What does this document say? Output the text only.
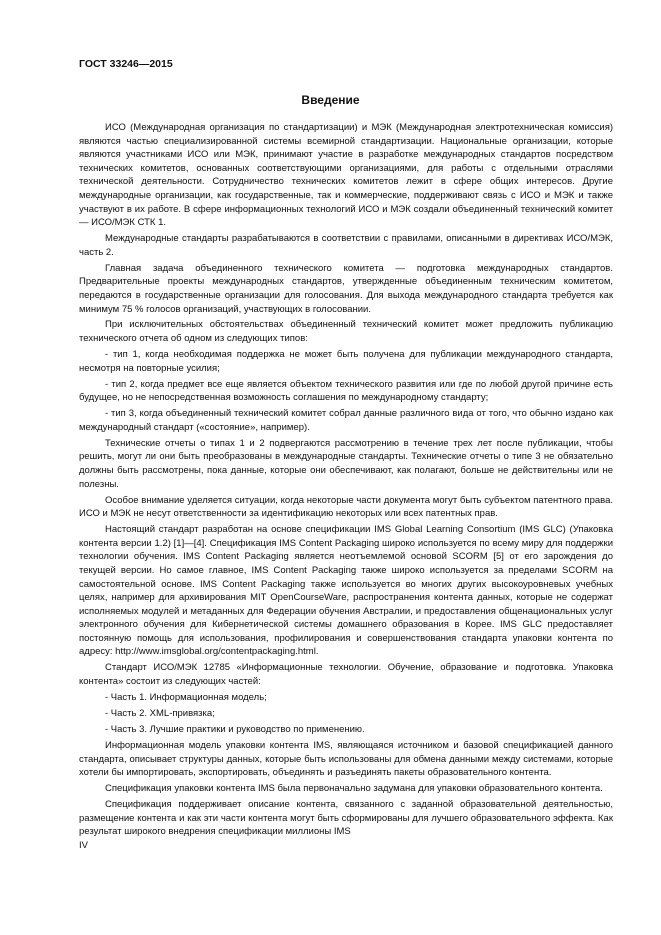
ГОСТ 33246—2015
Введение

ИСО (Международная организация по стандартизации) и МЭК (Международная электротехническая комиссия) являются частью специализированной системы всемирной стандартизации. Национальные организации, которые являются участниками ИСО или МЭК, принимают участие в разработке международных стандартов посредством технических комитетов, основанных соответствующими организациями, для работы с отдельными отраслями технической деятельности. Сотрудничество технических комитетов лежит в сфере общих интересов. Другие международные организации, как государственные, так и коммерческие, поддерживают связь с ИСО и МЭК и также участвуют в их работе. В сфере информационных технологий ИСО и МЭК создали объединенный технический комитет — ИСО/МЭК СТК 1.

Международные стандарты разрабатываются в соответствии с правилами, описанными в директивах ИСО/МЭК, часть 2.

Главная задача объединенного технического комитета — подготовка международных стандартов. Предварительные проекты международных стандартов, утвержденные объединенным техническим комитетом, передаются в государственные организации для голосования. Для выхода международного стандарта требуется как минимум 75 % голосов организаций, участвующих в голосовании.

При исключительных обстоятельствах объединенный технический комитет может предложить публикацию технического отчета об одном из следующих типов:

- тип 1, когда необходимая поддержка не может быть получена для публикации международного стандарта, несмотря на повторные усилия;

- тип 2, когда предмет все еще является объектом технического развития или где по любой другой причине есть будущее, но не непосредственная возможность соглашения по международному стандарту;

- тип 3, когда объединенный технический комитет собрал данные различного вида от того, что обычно издано как международный стандарт («состояние», например).

Технические отчеты о типах 1 и 2 подвергаются рассмотрению в течение трех лет после публикации, чтобы решить, могут ли они быть преобразованы в международные стандарты. Технические отчеты о типе 3 не обязательно должны быть рассмотрены, пока данные, которые они обеспечивают, как полагают, больше не действительны или не полезны.

Особое внимание уделяется ситуации, когда некоторые части документа могут быть субъектом патентного права. ИСО и МЭК не несут ответственности за идентификацию некоторых или всех патентных прав.

Настоящий стандарт разработан на основе спецификации IMS Global Learning Consortium (IMS GLC) (Упаковка контента версии 1.2) [1]—[4]. Спецификация IMS Content Packaging широко используется по всему миру для поддержки технологии обучения. IMS Content Packaging является неотъемлемой основой SCORM [5] от его зарождения до текущей версии. Но самое главное, IMS Content Packaging также широко используется за пределами SCORM на самостоятельной основе. IMS Content Packaging также используется во многих других высокоуровневых учебных целях, например для архивирования MIT OpenCourseWare, распространения контента данных, которые не содержат исполняемых модулей и метаданных для Федерации обучения Австралии, и предоставления общенациональных услуг электронного обучения для Кибернетической системы домашнего образования в Корее. IMS GLC предоставляет постоянную помощь для использования, профилирования и совершенствования стандарта упаковки контента по адресу: http://www.imsglobal.org/contentpackaging.html.

Стандарт ИСО/МЭК 12785 «Информационные технологии. Обучение, образование и подготовка. Упаковка контента» состоит из следующих частей:

- Часть 1. Информационная модель;

- Часть 2. XML-привязка;

- Часть 3. Лучшие практики и руководство по применению.

Информационная модель упаковки контента IMS, являющаяся источником и базовой спецификацией данного стандарта, описывает структуры данных, которые быть использованы для обмена данными между системами, которые хотели бы импортировать, экспортировать, объединять и разъединять пакеты образовательного контента.

Спецификация упаковки контента IMS была первоначально задумана для упаковки образовательного контента.

Спецификация поддерживает описание контента, связанного с заданной образовательной деятельностью, размещение контента и как эти части контента могут быть сформированы для лучшего образовательного эффекта. Как результат широкого внедрения спецификации миллионы IMS

IV
